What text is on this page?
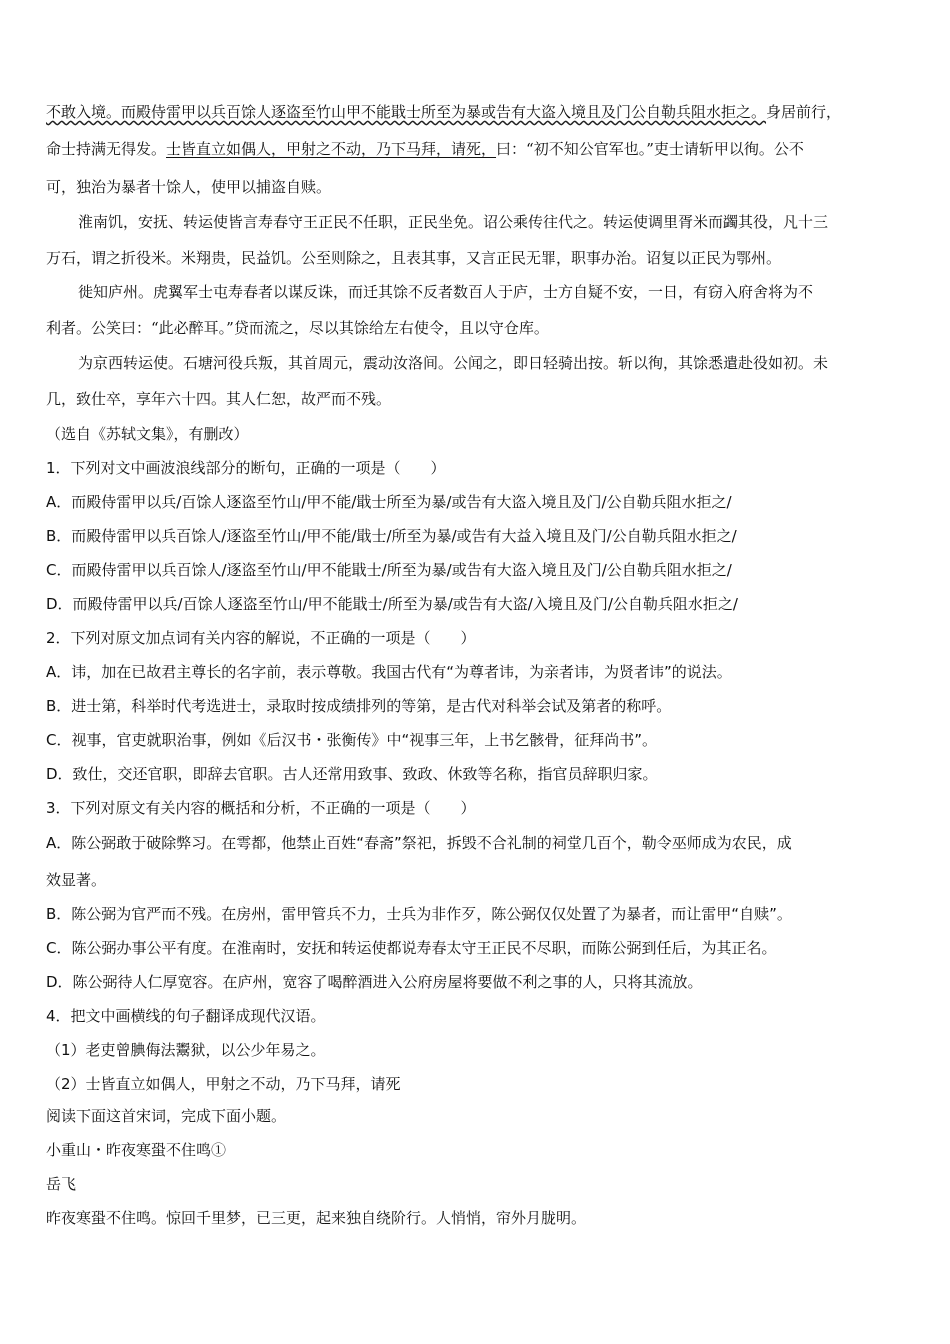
不敢入境。而殿侍雷甲以兵百馀人逐盗至竹山甲不能戢士所至为暴或告有大盗入境且及门公自勒兵阻水拒之。身居前行，
命士持满无得发。士皆直立如偶人，甲射之不动，乃下马拜，请死，曰：“初不知公官军也。”吏士请斩甲以徇。公不
可，独治为暴者十馀人，使甲以捕盗自赎。
淮南饥，安抚、转运使皆言寿春守王正民不任职，正民坐免。诏公乘传往代之。转运使调里胥米而蠲其役，凡十三
万石，谓之折役米。米翔贵，民益饥。公至则除之，且表其事，又言正民无罪，职事办治。诏复以正民为鄂州。
徙知庐州。虎翼军士屯寿春者以谋反诛，而迁其馀不反者数百人于庐，士方自疑不安，一日，有窃入府舍将为不
利者。公笑曰：“此必醉耳。”贷而流之，尽以其馀给左右使令，且以守仓库。
为京西转运使。石塘河役兵叛，其首周元，震动汝洛间。公闻之，即日轻骑出按。斩以徇，其馀悉遣赴役如初。未
几，致仕卒，享年六十四。其人仁恕，故严而不残。
（选自《苏轼文集》，有删改）
1．下列对文中画波浪线部分的断句，正确的一项是（　　）
A．而殿侍雷甲以兵/百馀人逐盗至竹山/甲不能/戢士所至为暴/或告有大盗入境且及门/公自勒兵阻水拒之/
B．而殿侍雷甲以兵百馀人/逐盗至竹山/甲不能/戢士/所至为暴/或告有大益入境且及门/公自勒兵阻水拒之/
C．而殿侍雷甲以兵百馀人/逐盗至竹山/甲不能戢士/所至为暴/或告有大盗入境且及门/公自勒兵阻水拒之/
D．而殿侍雷甲以兵/百馀人逐盗至竹山/甲不能戢士/所至为暴/或告有大盗/入境且及门/公自勒兵阻水拒之/
2．下列对原文加点词有关内容的解说，不正确的一项是（　　）
A．讳，加在已故君主尊长的名字前，表示尊敬。我国古代有“为尊者讳，为亲者讳，为贤者讳”的说法。
B．进士第，科举时代考选进士，录取时按成绩排列的等第，是古代对科举会试及第者的称呼。
C．视事，官吏就职治事，例如《后汉书・张衡传》中“视事三年，上书乞骸骨，征拜尚书”。
D．致仕，交还官职，即辞去官职。古人还常用致事、致政、休致等名称，指官员辞职归家。
3．下列对原文有关内容的概括和分析，不正确的一项是（　　）
A．陈公弼敢于破除弊习。在雩都，他禁止百姓“春斋”祭祀，拆毁不合礼制的祠堂几百个，勒令巫师成为农民，成
效显著。
B．陈公弼为官严而不残。在房州，雷甲管兵不力，士兵为非作歹，陈公弼仅仅处置了为暴者，而让雷甲“自赎”。
C．陈公弼办事公平有度。在淮南时，安抚和转运使都说寿春太守王正民不尽职，而陈公弼到任后，为其正名。
D．陈公弼待人仁厚宽容。在庐州，宽容了喝醉酒进入公府房屋将要做不利之事的人，只将其流放。
4．把文中画横线的句子翻译成现代汉语。
（1）老吏曾腆侮法鬻狱，以公少年易之。
（2）士皆直立如偶人，甲射之不动，乃下马拜，请死
阅读下面这首宋词，完成下面小题。
小重山・昨夜寒蛩不住鸣①
岳飞
昨夜寒蛩不住鸣。惊回千里梦，已三更，起来独自绕阶行。人悄悄，帘外月胧明。
